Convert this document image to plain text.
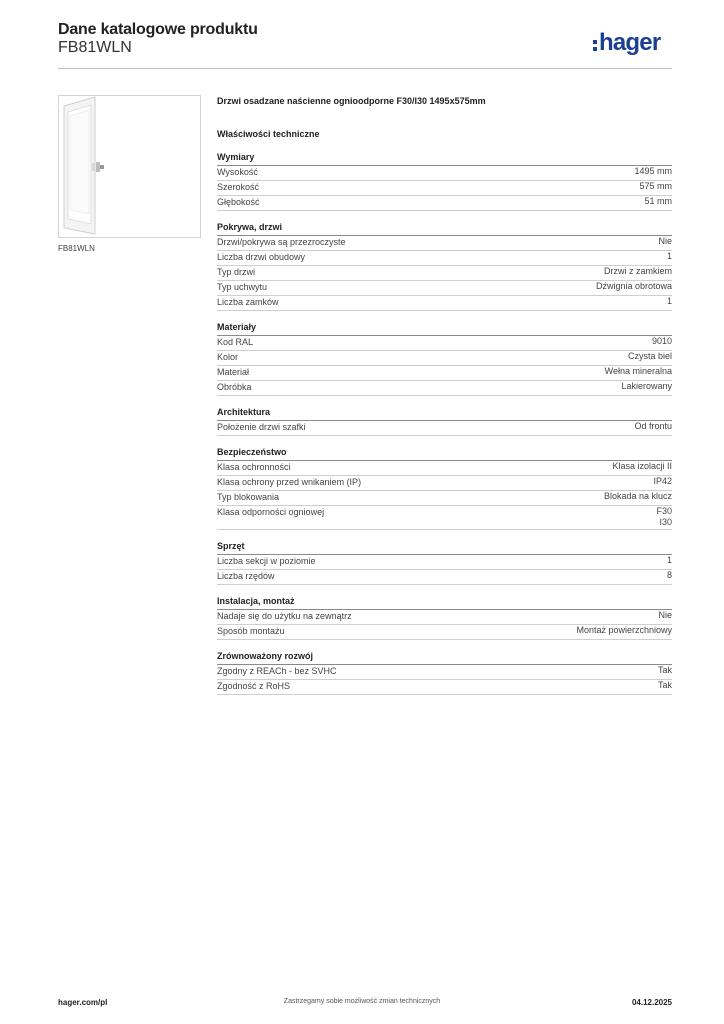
Dane katalogowe produktu
FB81WLN	hager
FB81WLN
Drzwi osadzane naścienne ognioodporne F30/I30 1495x575mm
Właściwości techniczne
Wymiary
Wysokość	1495 mm
Szerokość	575 mm
Głębokość	51 mm
Pokrywa, drzwi
Drzwi/pokrywa są przezroczyste	Nie
Liczba drzwi obudowy	1
Typ drzwi	Drzwi z zamkiem
Typ uchwytu	Dźwignia obrotowa
Liczba zamków	1
Materiały
Kod RAL	9010
Kolor	Czysta biel
Materiał	Wełna mineralna
Obróbka	Lakierowany
Architektura
Położenie drzwi szafki	Od frontu
Bezpieczeństwo
Klasa ochronności	Klasa izolacji II
Klasa ochrony przed wnikaniem (IP)	IP42
Typ blokowania	Blokada na klucz
Klasa odporności ogniowej	F30
I30
Sprzęt
Liczba sekcji w poziomie	1
Liczba rzędów	8
Instalacja, montaż
Nadaje się do użytku na zewnątrz	Nie
Sposób montażu	Montaż powierzchniowy
Zrównoważony rozwój
Zgodny z REACh - bez SVHC	Tak
Zgodność z RoHS	Tak
hager.com/pl	Zastrzegamy sobie możliwość zmian technicznych	04.12.2025
